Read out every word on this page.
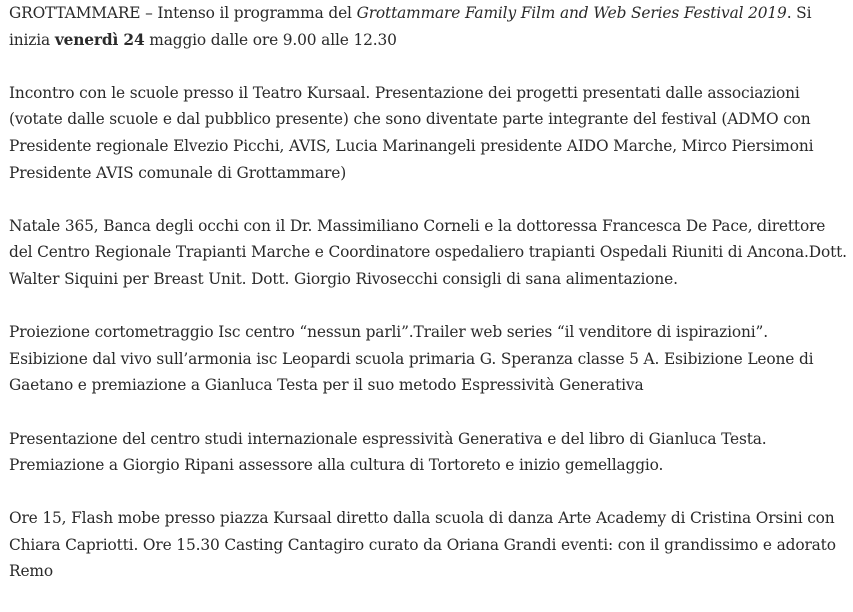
GROTTAMMARE – Intenso il programma del Grottammare Family Film and Web Series Festival 2019. Si inizia venerdì 24 maggio dalle ore 9.00 alle 12.30

Incontro con le scuole presso il Teatro Kursaal. Presentazione dei progetti presentati dalle associazioni (votate dalle scuole e dal pubblico presente) che sono diventate parte integrante del festival (ADMO con Presidente regionale Elvezio Picchi, AVIS, Lucia Marinangeli presidente AIDO Marche, Mirco Piersimoni Presidente AVIS comunale di Grottammare)

Natale 365, Banca degli occhi con il Dr. Massimiliano Corneli e la dottoressa Francesca De Pace, direttore del Centro Regionale Trapianti Marche e Coordinatore ospedaliero trapianti Ospedali Riuniti di Ancona.Dott. Walter Siquini per Breast Unit. Dott. Giorgio Rivosecchi consigli di sana alimentazione.

Proiezione cortometraggio Isc centro “nessun parli”.Trailer web series “il venditore di ispirazioni”. Esibizione dal vivo sull’armonia isc Leopardi scuola primaria G. Speranza classe 5 A. Esibizione Leone di Gaetano e premiazione a Gianluca Testa per il suo metodo Espressività Generativa

Presentazione del centro studi internazionale espressività Generativa e del libro di Gianluca Testa. Premiazione a Giorgio Ripani assessore alla cultura di Tortoreto e inizio gemellaggio.

Ore 15, Flash mobe presso piazza Kursaal diretto dalla scuola di danza Arte Academy di Cristina Orsini con Chiara Capriotti. Ore 15.30 Casting Cantagiro curato da Oriana Grandi eventi: con il grandissimo e adorato Remo
